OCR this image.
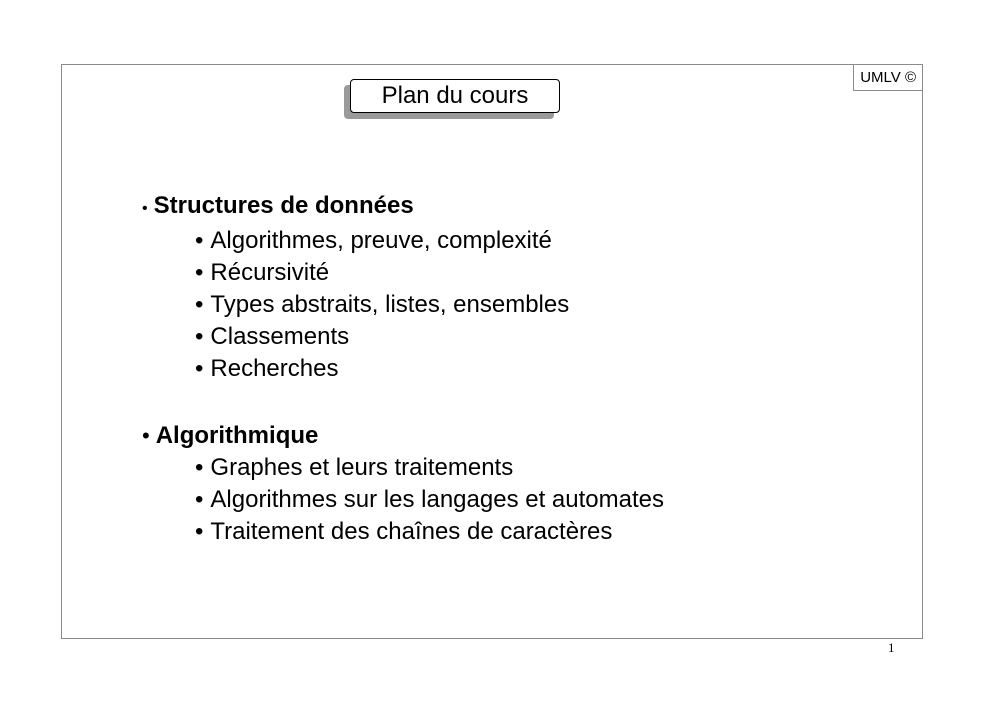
UMLV ©
Plan du cours
• Structures de données
• Algorithmes, preuve, complexité
• Récursivité
• Types abstraits, listes, ensembles
• Classements
• Recherches
• Algorithmique
• Graphes et leurs traitements
• Algorithmes sur les langages et automates
• Traitement des chaînes de caractères
1
